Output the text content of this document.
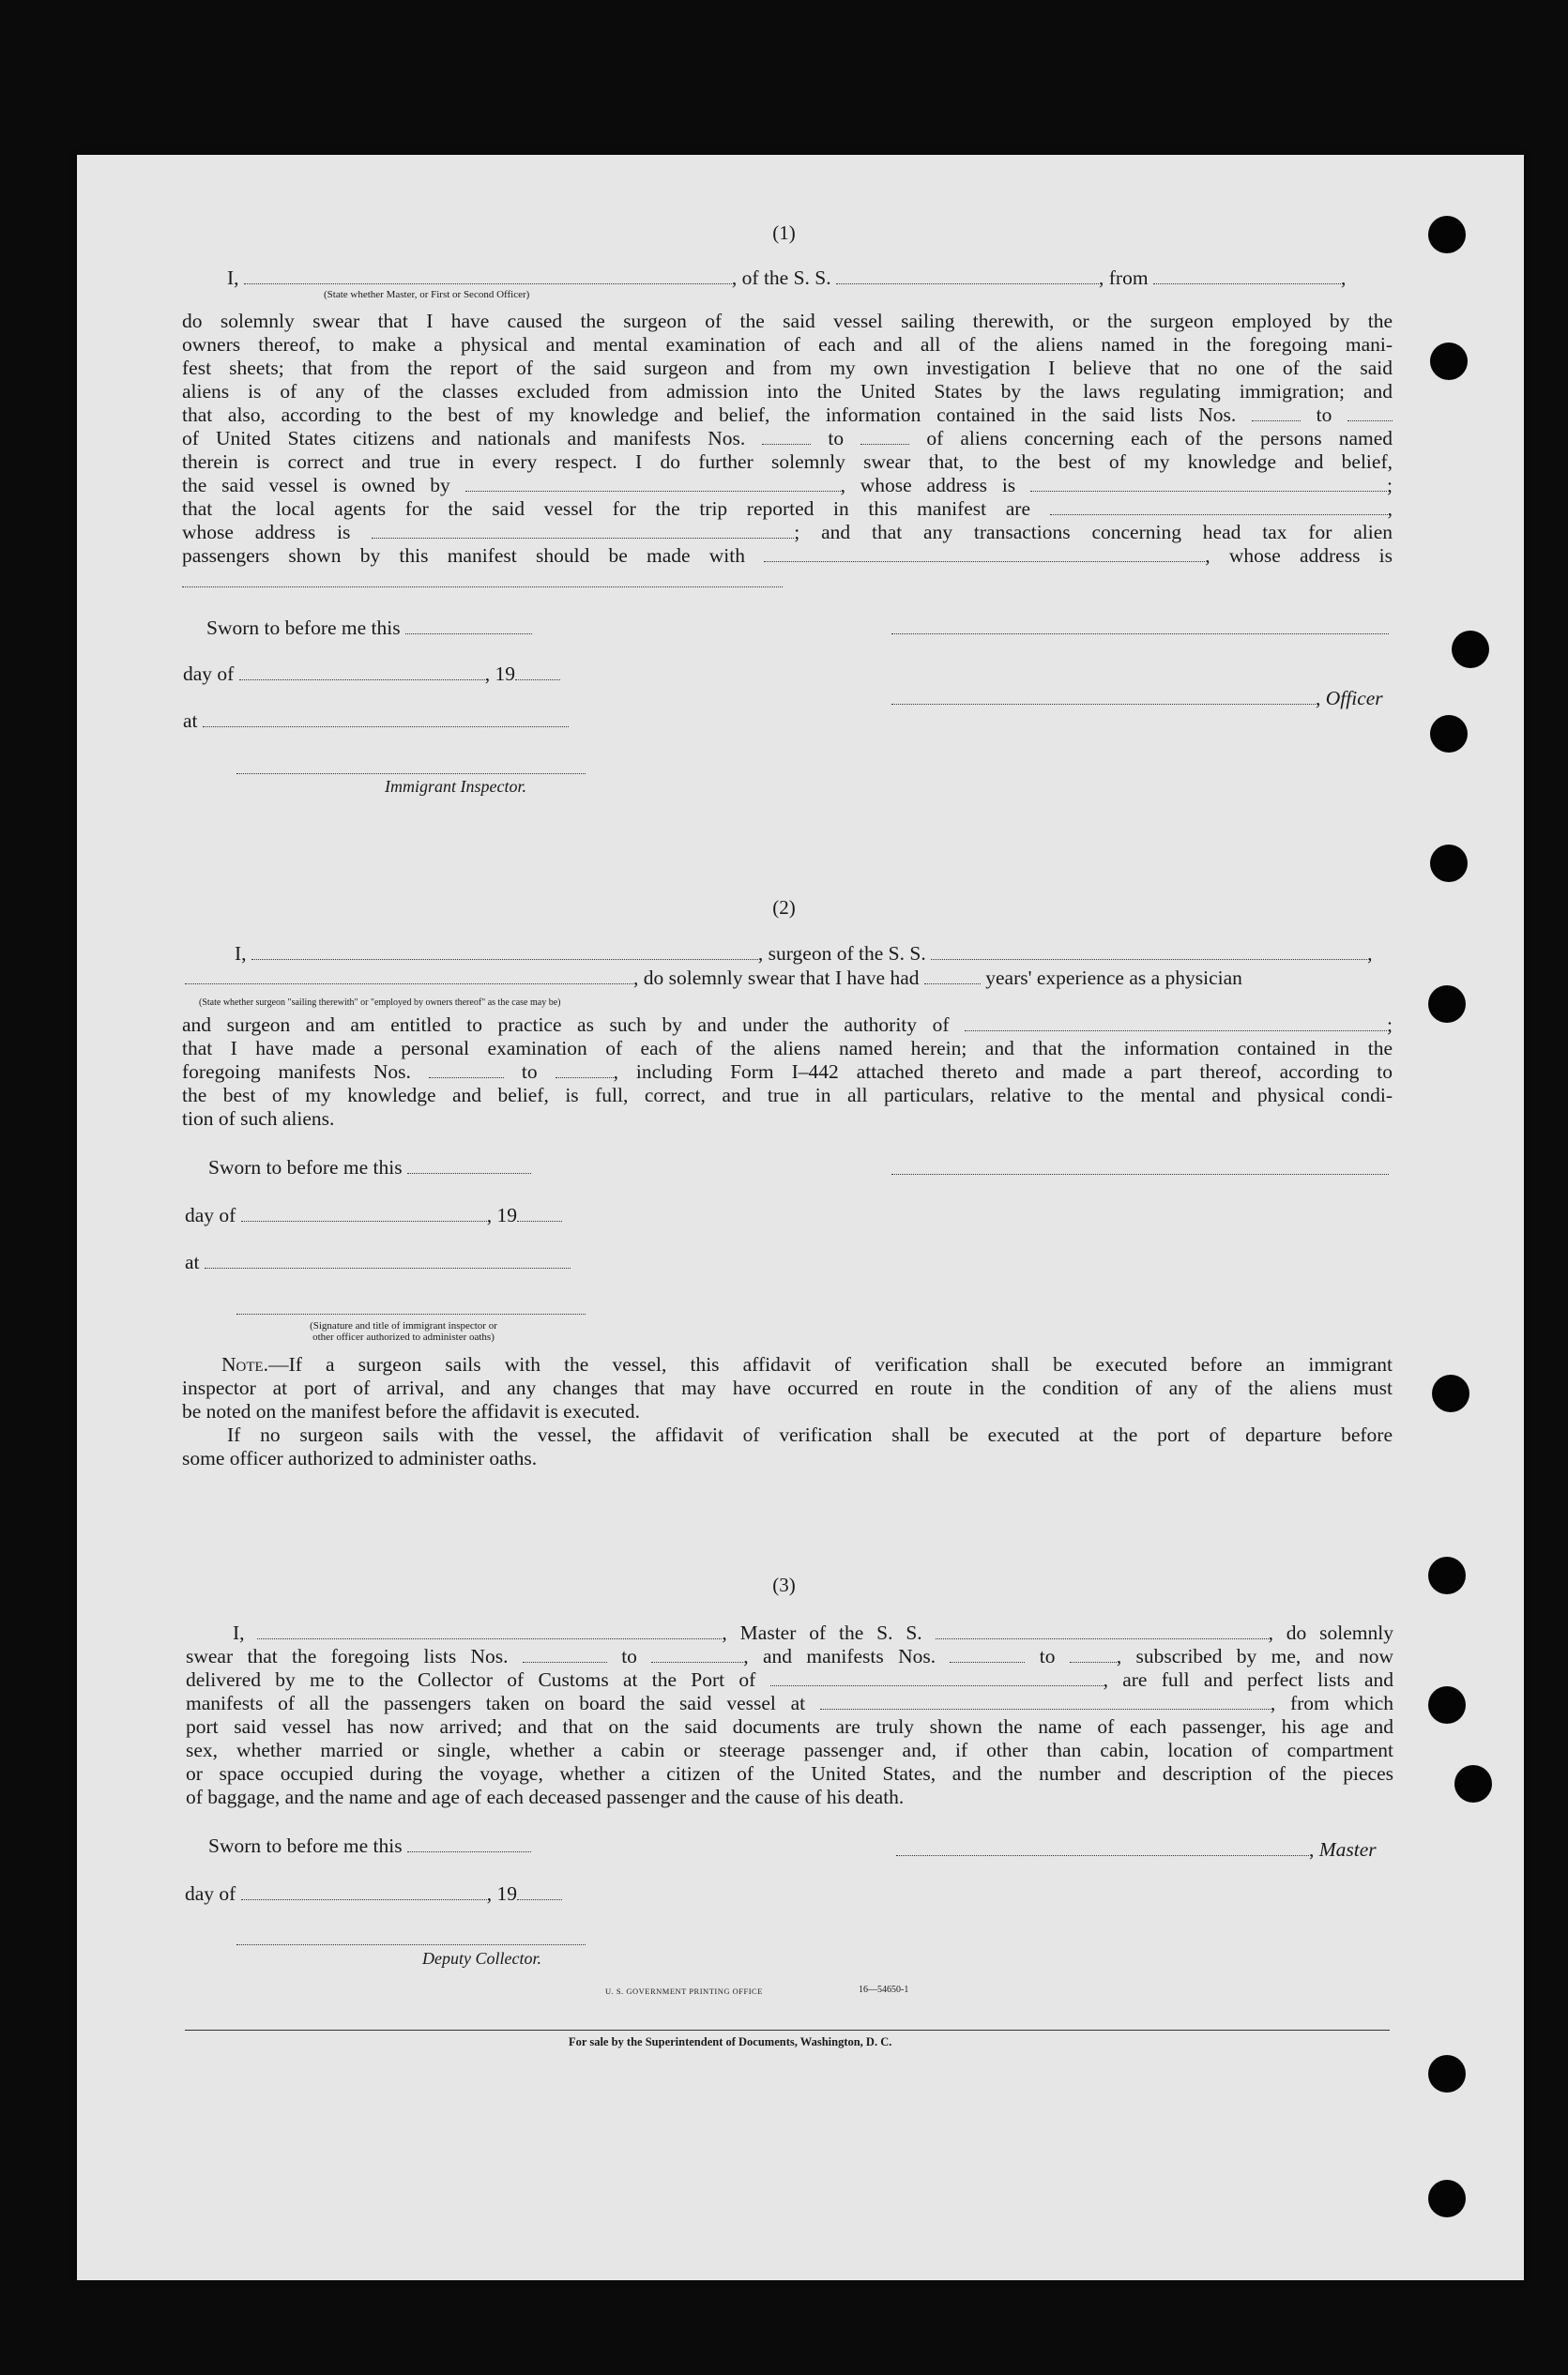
(1)
I,	, of the S. S.	, from	,
(State whether Master, or First or Second Officer)
do solemnly swear that I have caused the surgeon of the said vessel sailing therewith, or the surgeon employed by the
owners thereof, to make a physical and mental examination of each and all of the aliens named in the foregoing mani-
fest sheets; that from the report of the said surgeon and from my own investigation I believe that no one of the said
aliens is of any of the classes excluded from admission into the United States by the laws regulating immigration; and
that also, according to the best of my knowledge and belief, the information contained in the said lists Nos.	to
of United States citizens and nationals and manifests Nos.	to	of aliens concerning each of the persons named
therein is correct and true in every respect. I do further solemnly swear that, to the best of my knowledge and belief,
the said vessel is owned by	, whose address is	;
that the local agents for the said vessel for the trip reported in this manifest are	,
whose address is	; and that any transactions concerning head tax for alien
passengers shown by this manifest should be made with	, whose address is
Sworn to before me this
day of	, 19
, Officer
at
Immigrant Inspector.
(2)
I,	, surgeon of the S. S.	,
, do solemnly swear that I have had	years' experience as a physician
(State whether surgeon "sailing therewith" or "employed by owners thereof" as the case may be)
and surgeon and am entitled to practice as such by and under the authority of	;
that I have made a personal examination of each of the aliens named herein; and that the information contained in the
foregoing manifests Nos.	to	, including Form I–442 attached thereto and made a part thereof, according to
the best of my knowledge and belief, is full, correct, and true in all particulars, relative to the mental and physical condi-
tion of such aliens.
Sworn to before me this
day of	, 19
at
(Signature and title of immigrant inspector or
other officer authorized to administer oaths)
Note.—If a surgeon sails with the vessel, this affidavit of verification shall be executed before an immigrant
inspector at port of arrival, and any changes that may have occurred en route in the condition of any of the aliens must
be noted on the manifest before the affidavit is executed.
If no surgeon sails with the vessel, the affidavit of verification shall be executed at the port of departure before
some officer authorized to administer oaths.
(3)
I,	, Master of the S. S.	, do solemnly
swear that the foregoing lists Nos.	to	, and manifests Nos.	to	, subscribed by me, and now
delivered by me to the Collector of Customs at the Port of	, are full and perfect lists and
manifests of all the passengers taken on board the said vessel at	, from which
port said vessel has now arrived; and that on the said documents are truly shown the name of each passenger, his age and
sex, whether married or single, whether a cabin or steerage passenger and, if other than cabin, location of compartment
or space occupied during the voyage, whether a citizen of the United States, and the number and description of the pieces
of baggage, and the name and age of each deceased passenger and the cause of his death.
Sworn to before me this	, Master
day of	, 19
Deputy Collector.
U. S. GOVERNMENT PRINTING OFFICE	16—54650-1
For sale by the Superintendent of Documents, Washington, D. C.
